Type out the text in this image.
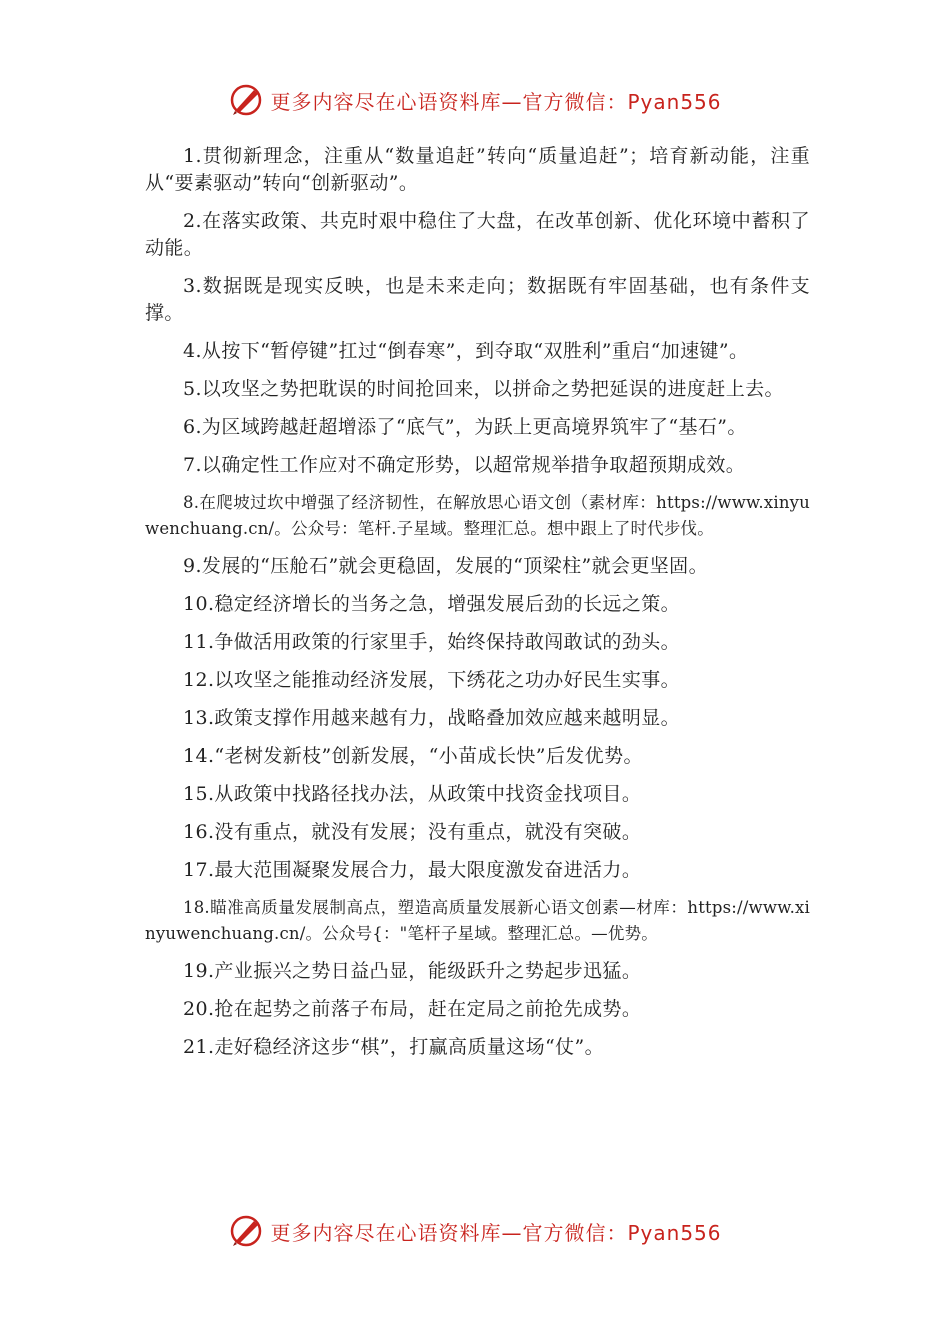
更多内容尽在心语资料库—官方微信：Pyan556

1.贯彻新理念，注重从“数量追赶”转向“质量追赶”；培育新动能，注重从“要素驱动”转向“创新驱动”。

2.在落实政策、共克时艰中稳住了大盘，在改革创新、优化环境中蓄积了动能。

3.数据既是现实反映，也是未来走向；数据既有牢固基础，也有条件支撑。

4.从按下“暂停键”扛过“倒春寒”，到夺取“双胜利”重启“加速键”。

5.以攻坚之势把耽误的时间抢回来，以拼命之势把延误的进度赶上去。

6.为区域跨越赶超增添了“底气”，为跃上更高境界筑牢了“基石”。

7.以确定性工作应对不确定形势，以超常规举措争取超预期成效。

8.在爬坡过坎中增强了经济韧性，在解放思心语文创（素材库：https://www.xinyuwenchuang.cn/。公众号：笔杆.子星域。整理汇总。想中跟上了时代步伐。

9.发展的“压舱石”就会更稳固，发展的“顶梁柱”就会更坚固。

10.稳定经济增长的当务之急，增强发展后劲的长远之策。

11.争做活用政策的行家里手，始终保持敢闯敢试的劲头。

12.以攻坚之能推动经济发展，下绣花之功办好民生实事。

13.政策支撑作用越来越有力，战略叠加效应越来越明显。

14.“老树发新枝”创新发展，“小苗成长快”后发优势。

15.从政策中找路径找办法，从政策中找资金找项目。

16.没有重点，就没有发展；没有重点，就没有突破。

17.最大范围凝聚发展合力，最大限度激发奋进活力。

18.瞄准高质量发展制高点，塑造高质量发展新心语文创素—材库：https://www.xinyuwenchuang.cn/。公众号{："笔杆子星域。整理汇总。—优势。

19.产业振兴之势日益凸显，能级跃升之势起步迅猛。

20.抢在起势之前落子布局，赶在定局之前抢先成势。

21.走好稳经济这步“棋”，打赢高质量这场“仗”。

更多内容尽在心语资料库—官方微信：Pyan556
